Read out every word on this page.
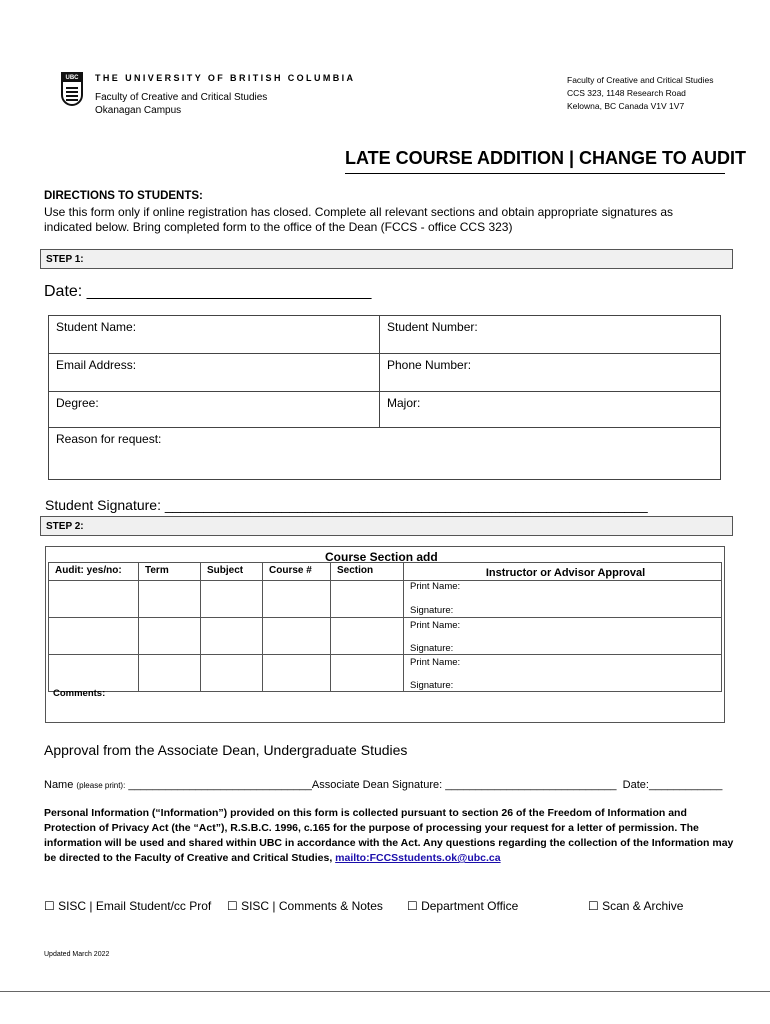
UBC THE UNIVERSITY OF BRITISH COLUMBIA
Faculty of Creative and Critical Studies
Okanagan Campus
Faculty of Creative and Critical Studies
CCS 323, 1148 Research Road
Kelowna, BC Canada V1V 1V7
LATE COURSE ADDITION | CHANGE TO AUDIT
DIRECTIONS TO STUDENTS:
Use this form only if online registration has closed. Complete all relevant sections and obtain appropriate signatures as indicated below. Bring completed form to the office of the Dean (FCCS - office CCS 323)
STEP 1:
Date: ________________________________
Student Name:	Student Number:
Email Address:	Phone Number:
Degree:	Major:
Reason for request:	
Student Signature: ______________________________________________________________
STEP 2:
Course Section add
Audit: yes/no:	Term	Subject	Course #	Section	Instructor or Advisor Approval

					Print Name:
Signature:

					Print Name:
Signature:

					Print Name:
Signature:
Comments:
Approval from the Associate Dean, Undergraduate Studies
Name (please print): ______________________________Associate Dean Signature: ____________________________ Date:____________
Personal Information (“Information”) provided on this form is collected pursuant to section 26 of the Freedom of Information and Protection of Privacy Act (the “Act”), R.S.B.C. 1996, c.165 for the purpose of processing your request for a letter of permission. The information will be used and shared within UBC in accordance with the Act. Any questions regarding the collection of the Information may be directed to the Faculty of Creative and Critical Studies, mailto:FCCSstudents.ok@ubc.ca
☐ SISC | Email Student/cc Prof ☐ SISC | Comments & Notes ☐ Department Office	☐ Scan & Archive
Updated March 2022
